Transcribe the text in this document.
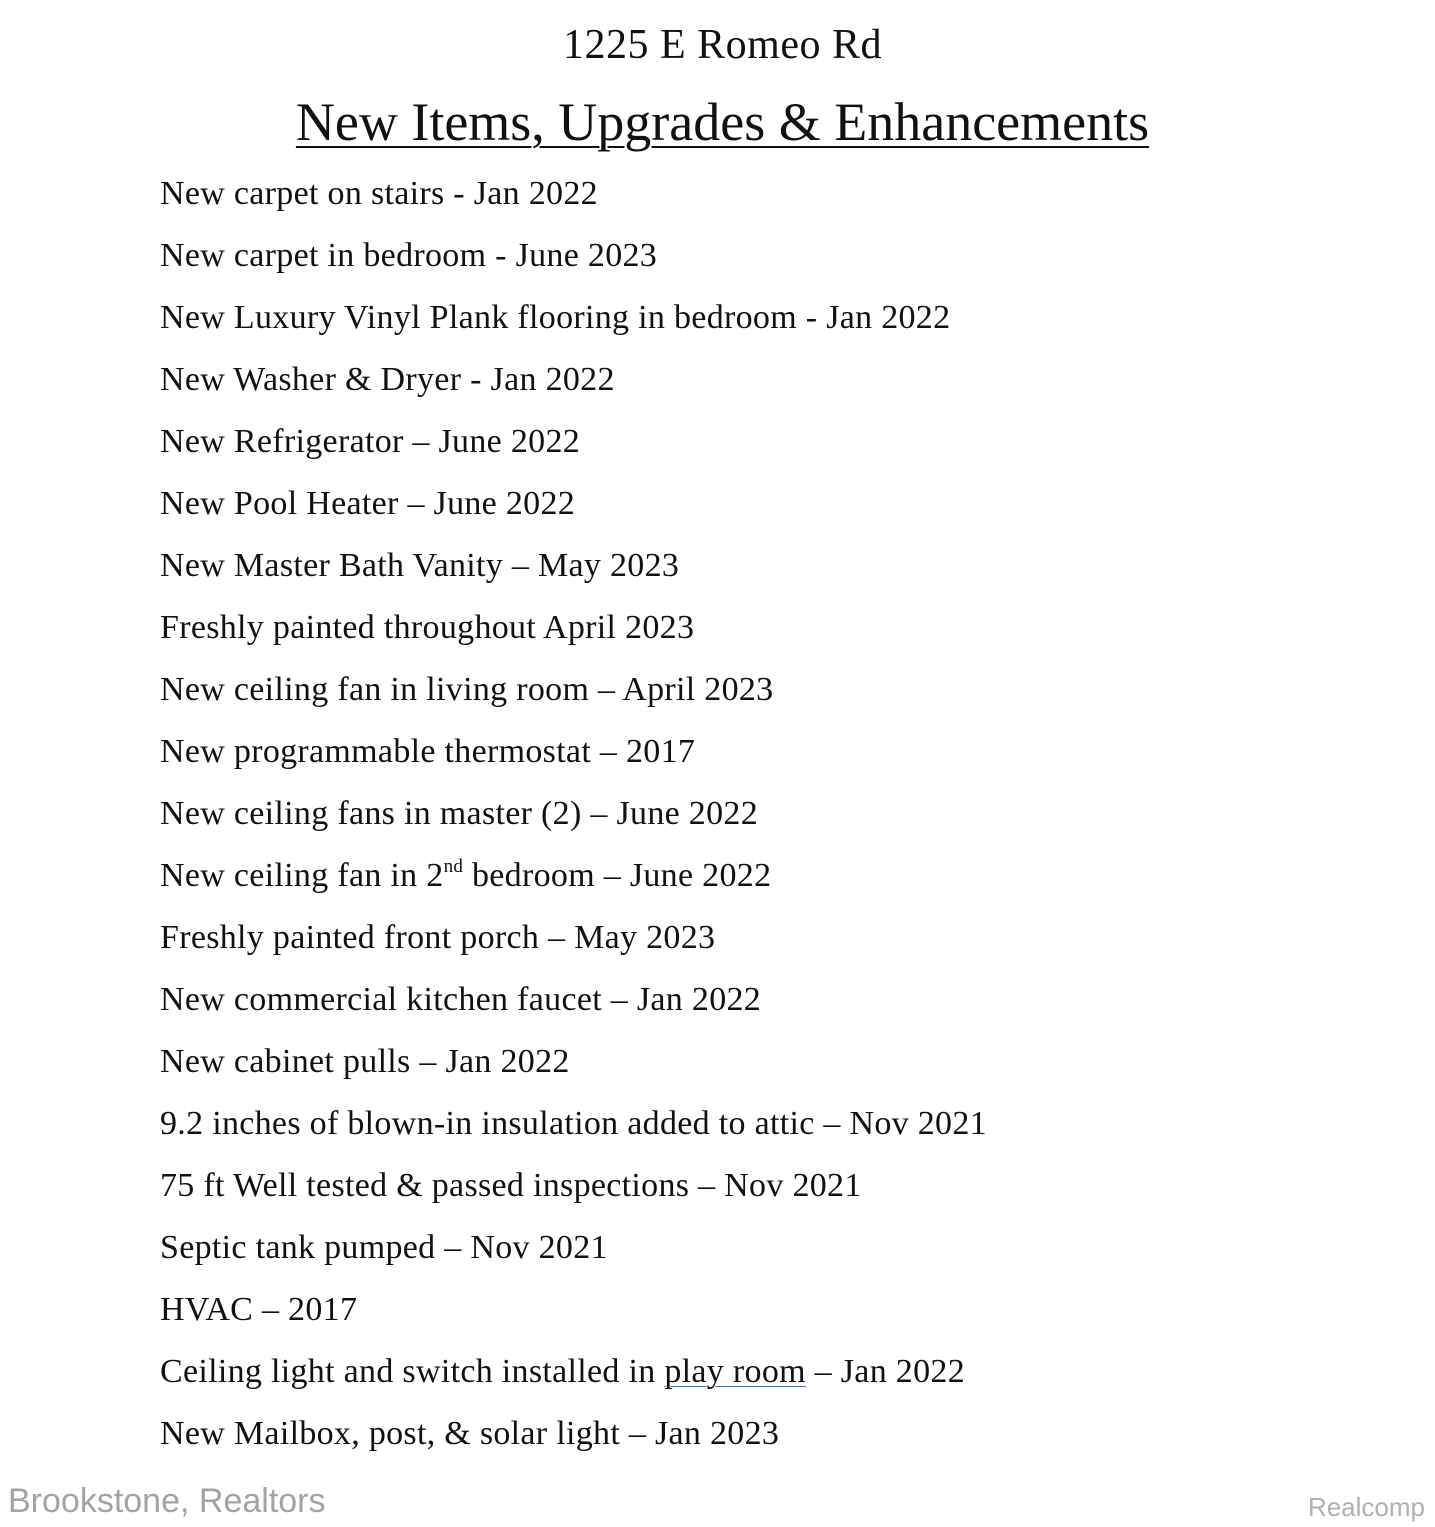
1225 E Romeo Rd
New Items, Upgrades & Enhancements
New carpet on stairs - Jan 2022
New carpet in bedroom - June 2023
New Luxury Vinyl Plank flooring in bedroom - Jan 2022
New Washer & Dryer - Jan 2022
New Refrigerator – June 2022
New Pool Heater – June 2022
New Master Bath Vanity – May 2023
Freshly painted throughout April 2023
New ceiling fan in living room – April 2023
New programmable thermostat – 2017
New ceiling fans in master (2) – June 2022
New ceiling fan in 2nd bedroom – June 2022
Freshly painted front porch – May 2023
New commercial kitchen faucet – Jan 2022
New cabinet pulls – Jan 2022
9.2 inches of blown-in insulation added to attic – Nov 2021
75 ft Well tested & passed inspections – Nov 2021
Septic tank pumped – Nov 2021
HVAC – 2017
Ceiling light and switch installed in play room – Jan 2022
New Mailbox, post, & solar light – Jan 2023
Brookstone, Realtors	Realcomp
